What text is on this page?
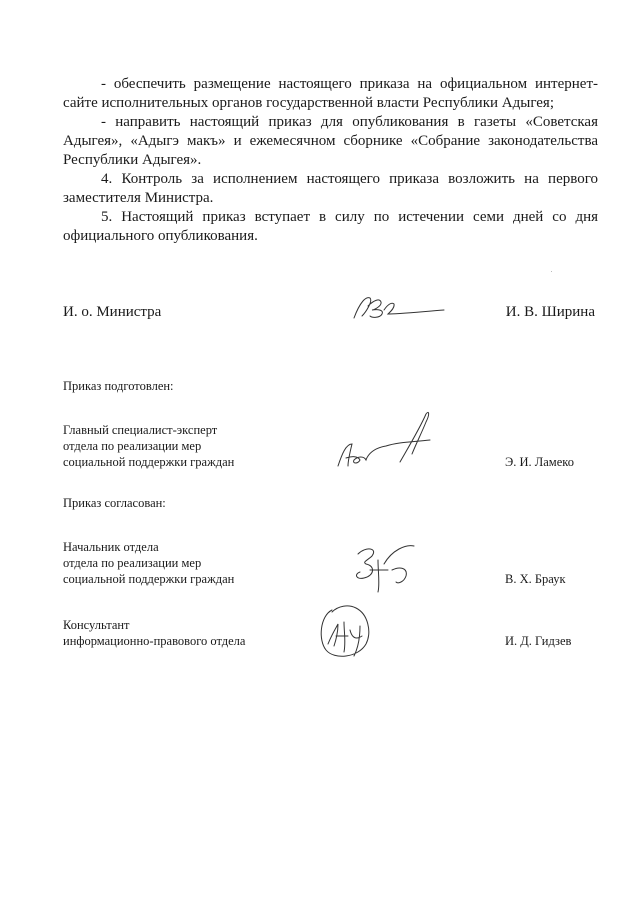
- обеспечить размещение настоящего приказа на официальном интернет-сайте исполнительных органов государственной власти Республики Адыгея;

- направить настоящий приказ для опубликования в газеты «Советская Адыгея», «Адыгэ макъ» и ежемесячном сборнике «Собрание законодательства Республики Адыгея».

4. Контроль за исполнением настоящего приказа возложить на первого заместителя Министра.

5. Настоящий приказ вступает в силу по истечении семи дней со дня официального опубликования.

И. о. Министра	И. В. Ширина
Приказ подготовлен:
Главный специалист-эксперт
отдела по реализации мер
социальной поддержки граждан	Э. И. Ламеко
Приказ согласован:
Начальник отдела
отдела по реализации мер
социальной поддержки граждан	В. Х. Браук
Консультант
информационно-правового отдела	И. Д. Гидзев
